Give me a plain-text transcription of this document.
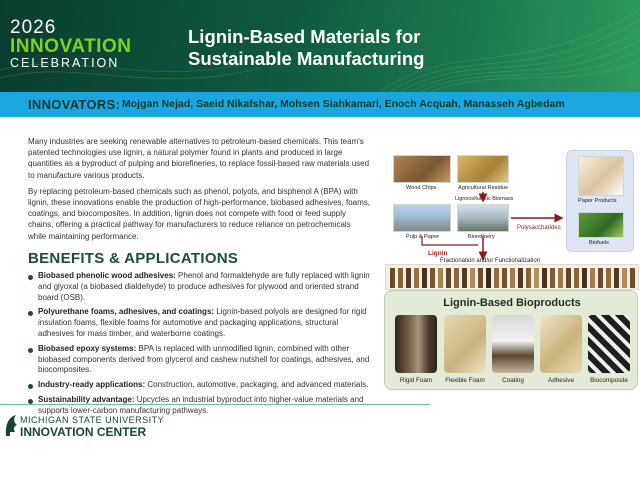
2026
INNOVATION
CELEBRATION
Lignin-Based Materials for Sustainable Manufacturing
INNOVATORS: Mojgan Nejad, Saeid Nikafshar, Mohsen Siahkamari, Enoch Acquah, Manasseh Agbedam

Many industries are seeking renewable alternatives to petroleum-based chemicals. This team's patented technologies use lignin, a natural polymer found in plants and produced in large quantities as a byproduct of pulping and biorefineries, to replace fossil-based raw materials used to manufacture various products.

By replacing petroleum-based chemicals such as phenol, polyols, and bisphenol A (BPA) with lignin, these innovations enable the production of high-performance, biobased adhesives, foams, coatings, and biocomposites. In addition, lignin does not compete with food or feed supply chains, offering a practical pathway for manufacturers to reduce reliance on petrochemicals while maintaining performance.

BENEFITS & APPLICATIONS
Biobased phenolic wood adhesives: Phenol and formaldehyde are fully replaced with lignin and glyoxal (a biobased dialdehyde) to produce adhesives for plywood and oriented strand board (OSB).
Polyurethane foams, adhesives, and coatings: Lignin-based polyols are designed for rigid insulation foams, flexible foams for automotive and packaging applications, structural adhesives for mass timber, and waterborne coatings.
Biobased epoxy systems: BPA is replaced with unmodified lignin, combined with other biobased components derived from glycerol and cashew nutshell for coatings, adhesives, and biocomposites.
Industry-ready applications: Construction, automotive, packaging, and advanced materials.
Sustainability advantage: Upcycles an industrial byproduct into higher-value materials and supports lower-carbon manufacturing pathways.
MICHIGAN STATE UNIVERSITY
INNOVATION CENTER
Wood Chips	Agricultural Residue
Lignocellulosic Biomass
Pulp & Paper	Biorefinery
Polysaccharides
Paper Products
Biofuels
Lignin
Fractionation and/or Functionalization
Lignin-Based Bioproducts
Rigid Foam	Flexible Foam	Coating	Adhesive	Biocomposite
